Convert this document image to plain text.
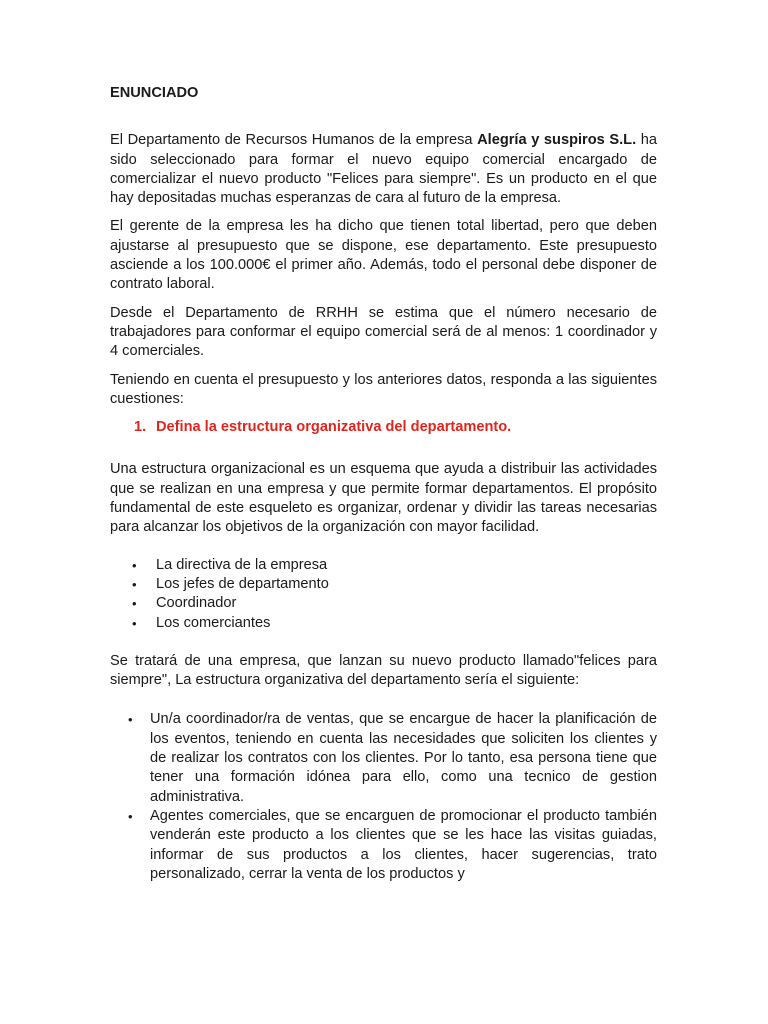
ENUNCIADO

El Departamento de Recursos Humanos de la empresa Alegría y suspiros S.L. ha sido seleccionado para formar el nuevo equipo comercial encargado de comercializar el nuevo producto "Felices para siempre". Es un producto en el que hay depositadas muchas esperanzas de cara al futuro de la empresa.

El gerente de la empresa les ha dicho que tienen total libertad, pero que deben ajustarse al presupuesto que se dispone, ese departamento. Este presupuesto asciende a los 100.000€ el primer año. Además, todo el personal debe disponer de contrato laboral.

Desde el Departamento de RRHH se estima que el número necesario de trabajadores para conformar el equipo comercial será de al menos: 1 coordinador y 4 comerciales.

Teniendo en cuenta el presupuesto y los anteriores datos, responda a las siguientes cuestiones:

1. Defina la estructura organizativa del departamento.

Una estructura organizacional es un esquema que ayuda a distribuir las actividades que se realizan en una empresa y que permite formar departamentos. El propósito fundamental de este esqueleto es organizar, ordenar y dividir las tareas necesarias para alcanzar los objetivos de la organización con mayor facilidad.

• La directiva de la empresa
• Los jefes de departamento
• Coordinador
• Los comerciantes

Se tratará de una empresa, que lanzan su nuevo producto llamado"felices para siempre", La estructura organizativa del departamento sería el siguiente:

• Un/a coordinador/ra de ventas, que se encargue de hacer la planificación de los eventos, teniendo en cuenta las necesidades que soliciten los clientes y de realizar los contratos con los clientes. Por lo tanto, esa persona tiene que tener una formación idónea para ello, como una tecnico de gestion administrativa.
• Agentes comerciales, que se encarguen de promocionar el producto también venderán este producto a los clientes que se les hace las visitas guiadas, informar de sus productos a los clientes, hacer sugerencias, trato personalizado, cerrar la venta de los productos y
